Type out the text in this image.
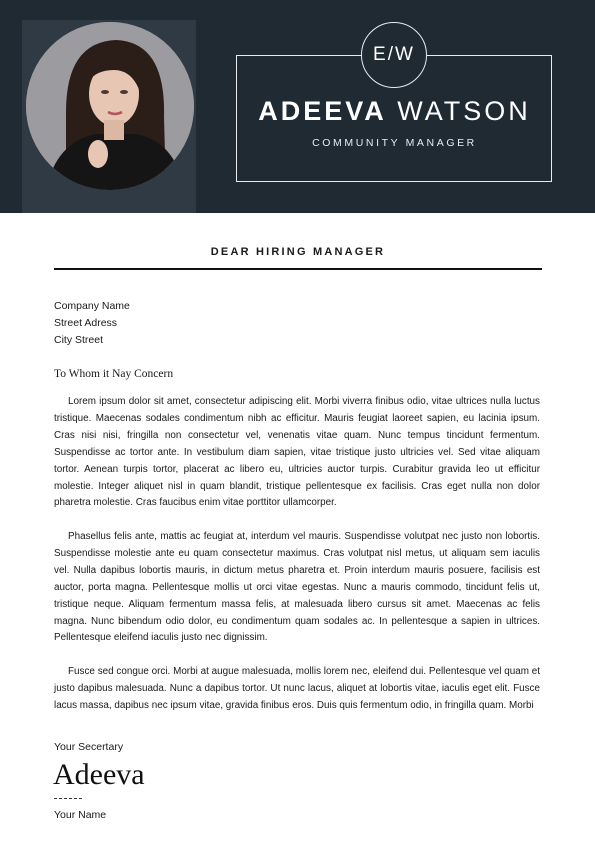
E/W
ADEEVA WATSON
COMMUNITY MANAGER
DEAR HIRING MANAGER
Company Name
Street Adress
City Street
To Whom it Nay Concern

Lorem ipsum dolor sit amet, consectetur adipiscing elit. Morbi viverra finibus odio, vitae ultrices nulla luctus tristique. Maecenas sodales condimentum nibh ac efficitur. Mauris feugiat laoreet sapien, eu lacinia ipsum. Cras nisi nisi, fringilla non consectetur vel, venenatis vitae quam. Nunc tempus tincidunt fermentum. Suspendisse ac tortor ante. In vestibulum diam sapien, vitae tristique justo ultricies vel. Sed vitae aliquam tortor. Aenean turpis tortor, placerat ac libero eu, ultricies auctor turpis. Curabitur gravida leo ut efficitur molestie. Integer aliquet nisl in quam blandit, tristique pellentesque ex facilisis. Cras eget nulla non dolor pharetra molestie. Cras faucibus enim vitae porttitor ullamcorper.

Phasellus felis ante, mattis ac feugiat at, interdum vel mauris. Suspendisse volutpat nec justo non lobortis. Suspendisse molestie ante eu quam consectetur maximus. Cras volutpat nisl metus, ut aliquam sem iaculis vel. Nulla dapibus lobortis mauris, in dictum metus pharetra et. Proin interdum mauris posuere, facilisis est auctor, porta magna. Pellentesque mollis ut orci vitae egestas. Nunc a mauris commodo, tincidunt felis ut, tristique neque. Aliquam fermentum massa felis, at malesuada libero cursus sit amet. Maecenas ac felis magna. Nunc bibendum odio dolor, eu condimentum quam sodales ac. In pellentesque a sapien in ultrices. Pellentesque eleifend iaculis justo nec dignissim.

Fusce sed congue orci. Morbi at augue malesuada, mollis lorem nec, eleifend dui. Pellentesque vel quam et justo dapibus malesuada. Nunc a dapibus tortor. Ut nunc lacus, aliquet at lobortis vitae, iaculis eget elit. Fusce lacus massa, dapibus nec ipsum vitae, gravida finibus eros. Duis quis fermentum odio, in fringilla quam. Morbi

Your Secertary
Adeeva
Your Name
